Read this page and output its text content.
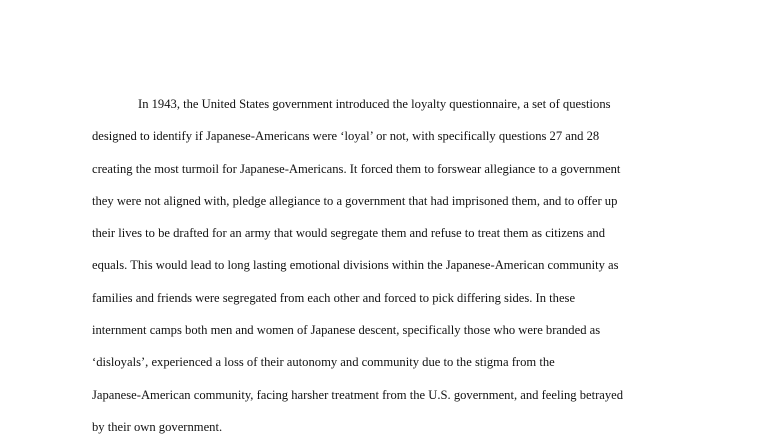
In 1943, the United States government introduced the loyalty questionnaire, a set of questions
designed to identify if Japanese-Americans were ‘loyal’ or not, with specifically questions 27 and 28
creating the most turmoil for Japanese-Americans. It forced them to forswear allegiance to a government
they were not aligned with, pledge allegiance to a government that had imprisoned them, and to offer up
their lives to be drafted for an army that would segregate them and refuse to treat them as citizens and
equals. This would lead to long lasting emotional divisions within the Japanese-American community as
families and friends were segregated from each other and forced to pick differing sides. In these
internment camps both men and women of Japanese descent, specifically those who were branded as
‘disloyals’, experienced a loss of their autonomy and community due to the stigma from the
Japanese-American community, facing harsher treatment from the U.S. government, and feeling betrayed
by their own government.
